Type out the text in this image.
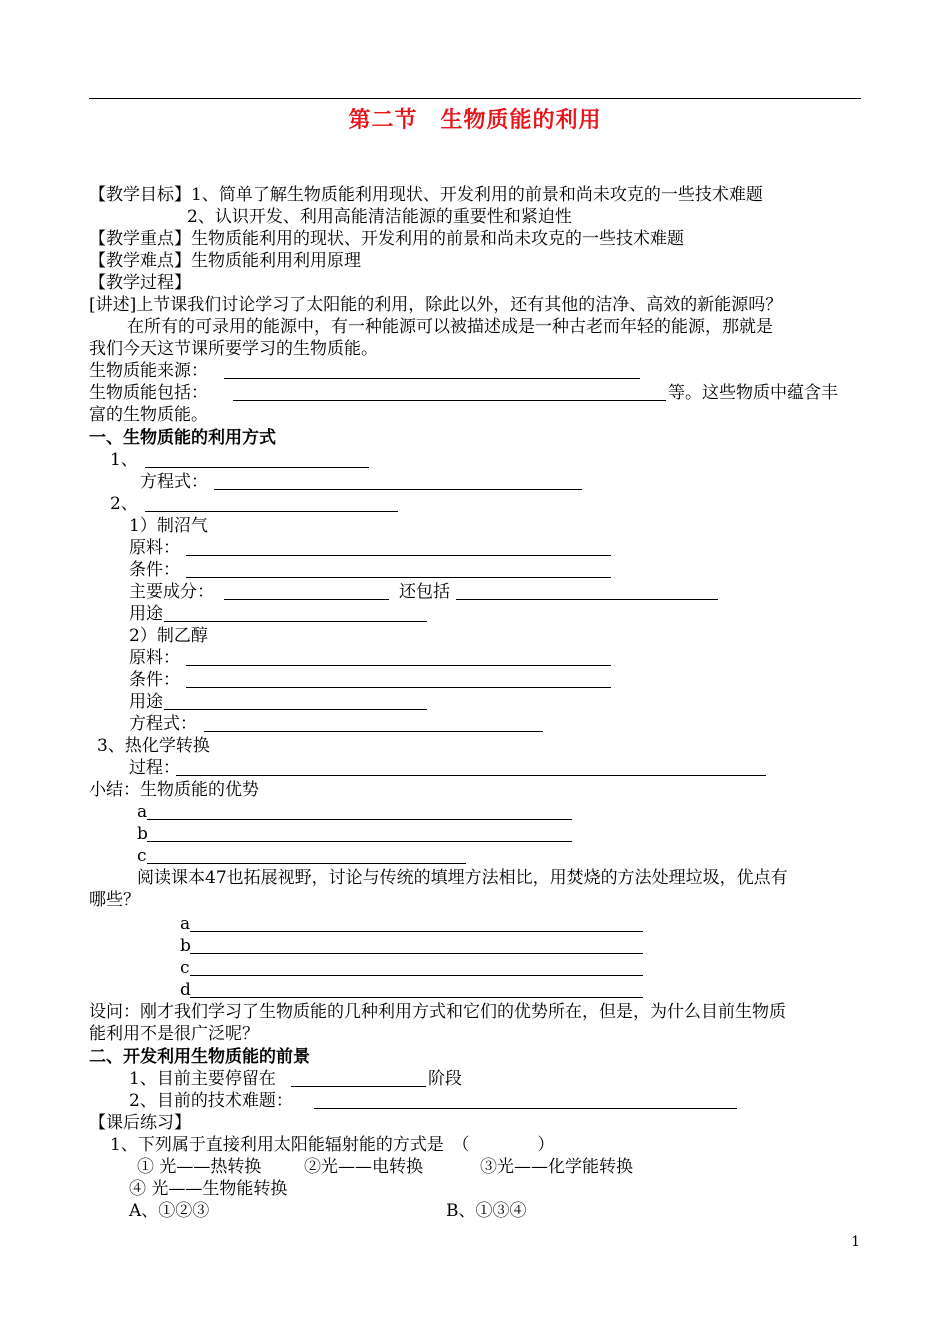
第二节　生物质能的利用
【教学目标】1、简单了解生物质能利用现状、开发利用的前景和尚未攻克的一些技术难题
2、认识开发、利用高能清洁能源的重要性和紧迫性
【教学重点】生物质能利用的现状、开发利用的前景和尚未攻克的一些技术难题
【教学难点】生物质能利用利用原理
【教学过程】
[讲述]上节课我们讨论学习了太阳能的利用，除此以外，还有其他的洁净、高效的新能源吗？
在所有的可录用的能源中，有一种能源可以被描述成是一种古老而年轻的能源，那就是
我们今天这节课所要学习的生物质能。
生物质能来源：
生物质能包括：	等。这些物质中蕴含丰
富的生物质能。
一、生物质能的利用方式
1、
方程式：
2、
1）制沼气
原料：
条件：
主要成分：	还包括
用途
2）制乙醇
原料：
条件：
用途
方程式：
3、热化学转换
过程：
小结：生物质能的优势
a
b
c
阅读课本47也拓展视野，讨论与传统的填埋方法相比，用焚烧的方法处理垃圾，优点有
哪些？
a
b
c
d
设问：刚才我们学习了生物质能的几种利用方式和它们的优势所在，但是，为什么目前生物质
能利用不是很广泛呢？
二、开发利用生物质能的前景
1、目前主要停留在	阶段
2、目前的技术难题：
【课后练习】
1、下列属于直接利用太阳能辐射能的方式是　（　　　　）
① 光——热转换	②光——电转换	③光——化学能转换
④ 光——生物能转换
A、①②③	B、①③④
1
